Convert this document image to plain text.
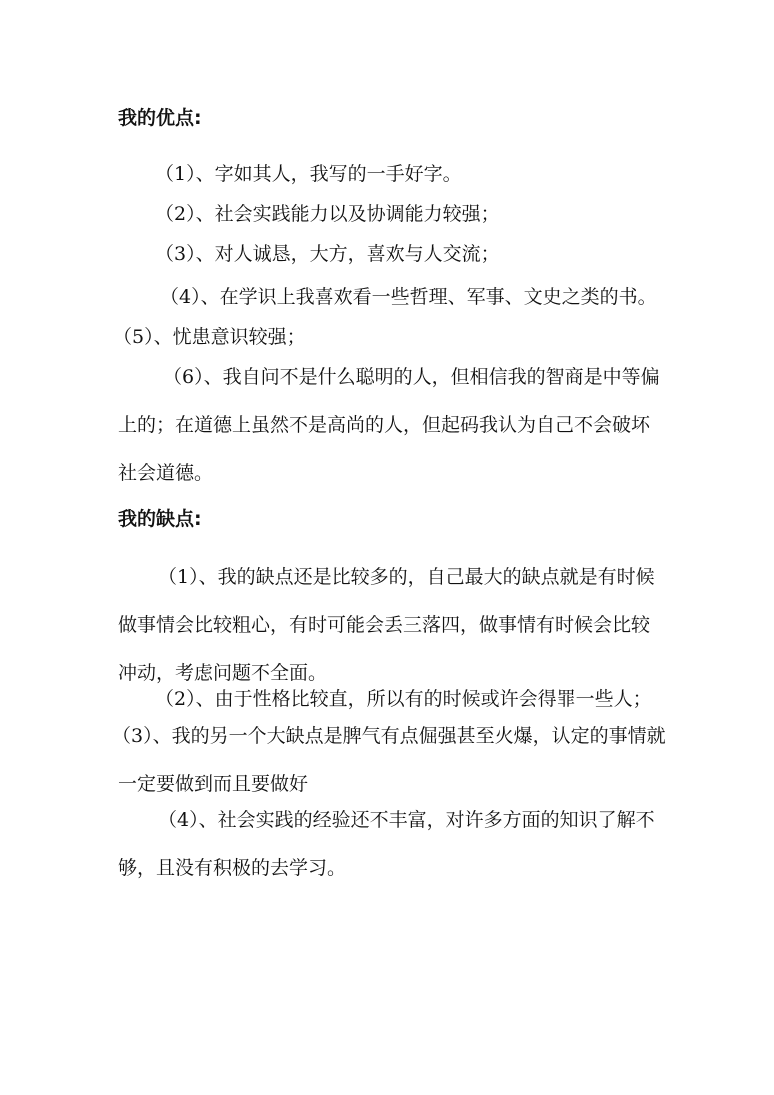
我的优点:
（1）、字如其人，我写的一手好字。
（2）、社会实践能力以及协调能力较强；
（3）、对人诚恳，大方，喜欢与人交流；
（4）、在学识上我喜欢看一些哲理、军事、文史之类的书。
（5）、忧患意识较强；
（6）、我自问不是什么聪明的人，但相信我的智商是中等偏上的；在道德上虽然不是高尚的人，但起码我认为自己不会破坏社会道德。
我的缺点:
（1）、我的缺点还是比较多的，自己最大的缺点就是有时候做事情会比较粗心，有时可能会丢三落四，做事情有时候会比较冲动，考虑问题不全面。
（2）、由于性格比较直，所以有的时候或许会得罪一些人；
（3）、我的另一个大缺点是脾气有点倔强甚至火爆，认定的事情就一定要做到而且要做好
（4）、社会实践的经验还不丰富，对许多方面的知识了解不够，且没有积极的去学习。
